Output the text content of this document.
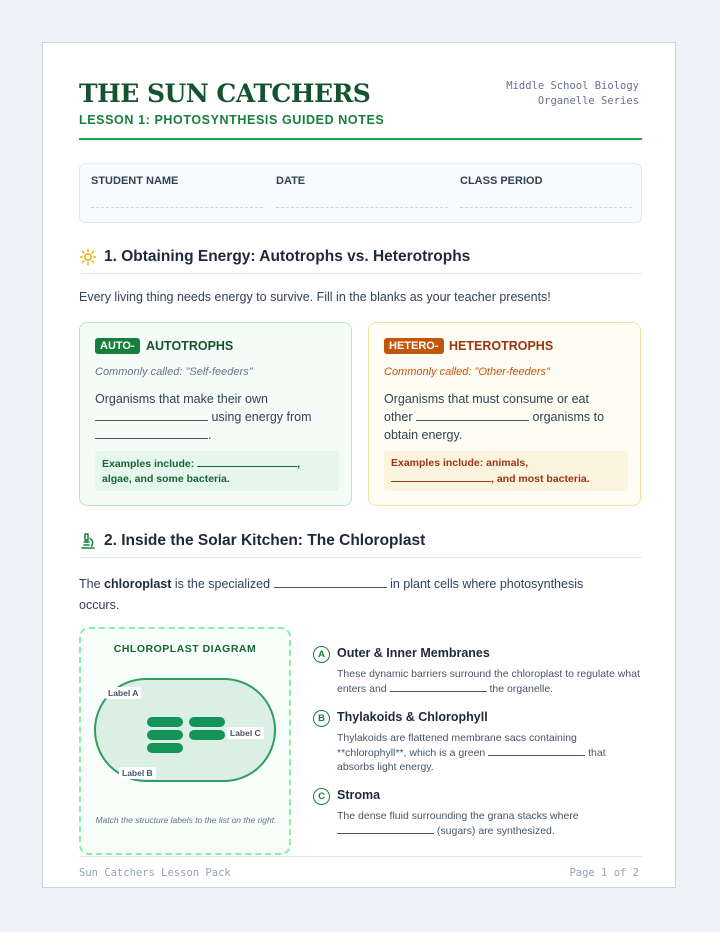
THE SUN CATCHERS
LESSON 1: PHOTOSYNTHESIS GUIDED NOTES
Middle School Biology
Organelle Series
STUDENT NAME	DATE	CLASS PERIOD
1. Obtaining Energy: Autotrophs vs. Heterotrophs
Every living thing needs energy to survive. Fill in the blanks as your teacher presents!
AUTO- AUTOTROPHS
Commonly called: "Self-feeders"
Organisms that make their own
using energy from
.
Examples include:	,
algae, and some bacteria.
HETERO- HETEROTROPHS
Commonly called: "Other-feeders"
Organisms that must consume or eat
other	organisms to
obtain energy.
Examples include: animals,
, and most bacteria.
2. Inside the Solar Kitchen: The Chloroplast
The chloroplast is the specialized	in plant cells where photosynthesis
occurs.
CHLOROPLAST DIAGRAM
Label A
Label C
Label B
Match the structure labels to the list on the right.
A Outer & Inner Membranes
These dynamic barriers surround the chloroplast to regulate what enters and	the organelle.
B Thylakoids & Chlorophyll
Thylakoids are flattened membrane sacs containing **chlorophyll**, which is a green	that absorbs light energy.
C Stroma
The dense fluid surrounding the grana stacks where
(sugars) are synthesized.
Sun Catchers Lesson Pack	Page 1 of 2
